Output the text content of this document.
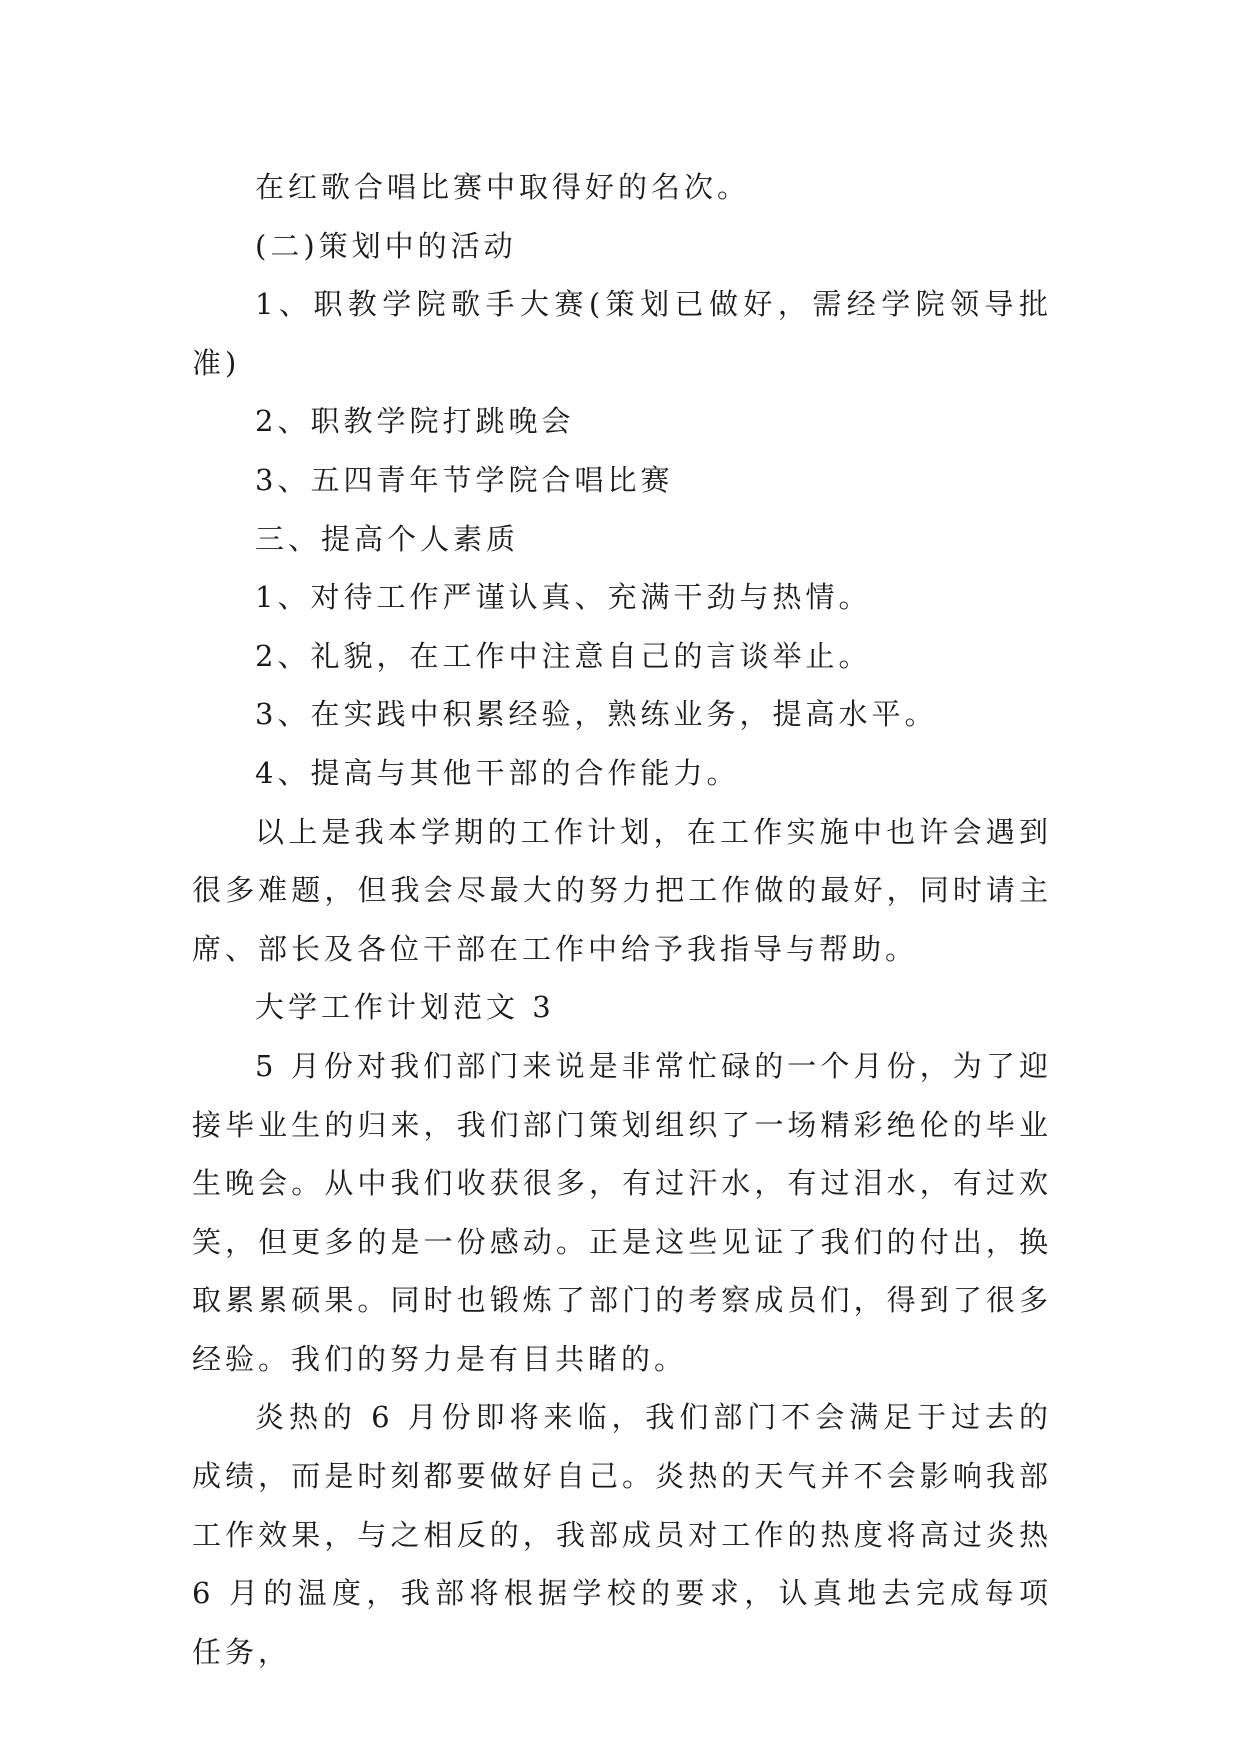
在红歌合唱比赛中取得好的名次。

(二)策划中的活动

1、职教学院歌手大赛(策划已做好，需经学院领导批准)

2、职教学院打跳晚会

3、五四青年节学院合唱比赛

三、提高个人素质

1、对待工作严谨认真、充满干劲与热情。

2、礼貌，在工作中注意自己的言谈举止。

3、在实践中积累经验，熟练业务，提高水平。

4、提高与其他干部的合作能力。

以上是我本学期的工作计划，在工作实施中也许会遇到很多难题，但我会尽最大的努力把工作做的最好，同时请主席、部长及各位干部在工作中给予我指导与帮助。

大学工作计划范文 3

5 月份对我们部门来说是非常忙碌的一个月份，为了迎接毕业生的归来，我们部门策划组织了一场精彩绝伦的毕业生晚会。从中我们收获很多，有过汗水，有过泪水，有过欢笑，但更多的是一份感动。正是这些见证了我们的付出，换取累累硕果。同时也锻炼了部门的考察成员们，得到了很多经验。我们的努力是有目共睹的。

炎热的 6 月份即将来临，我们部门不会满足于过去的成绩，而是时刻都要做好自己。炎热的天气并不会影响我部工作效果，与之相反的，我部成员对工作的热度将高过炎热 6 月的温度，我部将根据学校的要求，认真地去完成每项任务，
